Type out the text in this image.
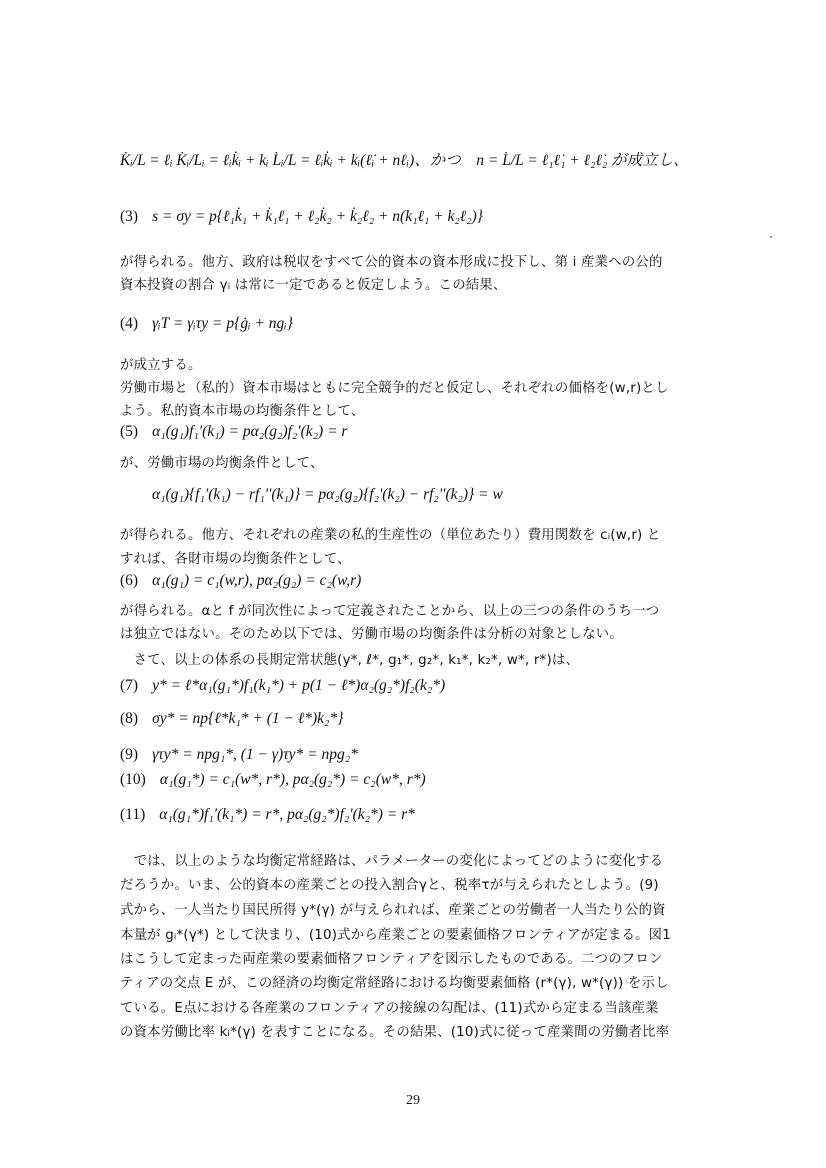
K̇ᵢ/L = ℓᵢ K̇ᵢ/Lᵢ = ℓᵢk̇ᵢ + kᵢ L̇ᵢ/L = ℓᵢk̇ᵢ + kᵢ(ℓ̇ᵢ + nℓᵢ)、かつ　n = L̇/L = ℓ₁ℓ̇₁ + ℓ₂ℓ̇₂ が成立し、
(3) s = σy = p{ℓ₁k̇₁ + k̇₁ℓ₁ + ℓ₂k̇₂ + k̇₂ℓ₂ + n(k₁ℓ₁ + k₂ℓ₂)}
が得られる。他方、政府は税収をすべて公的資本の資本形成に投下し、第 i 産業への公的
資本投資の割合 γᵢ は常に一定であると仮定しよう。この結果、
(4) γᵢT = γᵢτy = p{ġᵢ + ngᵢ}
が成立する。
労働市場と（私的）資本市場はともに完全競争的だと仮定し、それぞれの価格を(w,r)とし
よう。私的資本市場の均衡条件として、
(5) α₁(g₁)f₁'(k₁) = pα₂(g₂)f₂'(k₂) = r
が、労働市場の均衡条件として、
α₁(g₁){f₁'(k₁) − rf₁''(k₁)} = pα₂(g₂){f₂'(k₂) − rf₂''(k₂)} = w
が得られる。他方、それぞれの産業の私的生産性の（単位あたり）費用関数を cᵢ(w,r) と
すれば、各財市場の均衡条件として、
(6) α₁(g₁) = c₁(w,r), pα₂(g₂) = c₂(w,r)
が得られる。αと f が同次性によって定義されたことから、以上の三つの条件のうち一つ
は独立ではない。そのため以下では、労働市場の均衡条件は分析の対象としない。
　さて、以上の体系の長期定常状態(y*, ℓ*, g₁*, g₂*, k₁*, k₂*, w*, r*)は、
(7) y* = ℓ*α₁(g₁*)f₁(k₁*) + p(1 − ℓ*)α₂(g₂*)f₂(k₂*)
(8) σy* = np{ℓ*k₁* + (1 − ℓ*)k₂*}
(9) γτy* = npg₁*, (1 − γ)τy* = npg₂*
(10) α₁(g₁*) = c₁(w*, r*), pα₂(g₂*) = c₂(w*, r*)
(11) α₁(g₁*)f₁'(k₁*) = r*, pα₂(g₂*)f₂'(k₂*) = r*
　では、以上のような均衡定常経路は、パラメーターの変化によってどのように変化する
だろうか。いま、公的資本の産業ごとの投入割合γと、税率τが与えられたとしよう。(9)
式から、一人当たり国民所得 y*(γ) が与えられれば、産業ごとの労働者一人当たり公的資
本量が gᵢ*(γ*) として決まり、(10)式から産業ごとの要素価格フロンティアが定まる。図1
はこうして定まった両産業の要素価格フロンティアを図示したものである。二つのフロン
ティアの交点 E が、この経済の均衡定常経路における均衡要素価格 (r*(γ), w*(γ)) を示し
ている。E点における各産業のフロンティアの接線の勾配は、(11)式から定まる当該産業
の資本労働比率 kᵢ*(γ) を表すことになる。その結果、(10)式に従って産業間の労働者比率
29
